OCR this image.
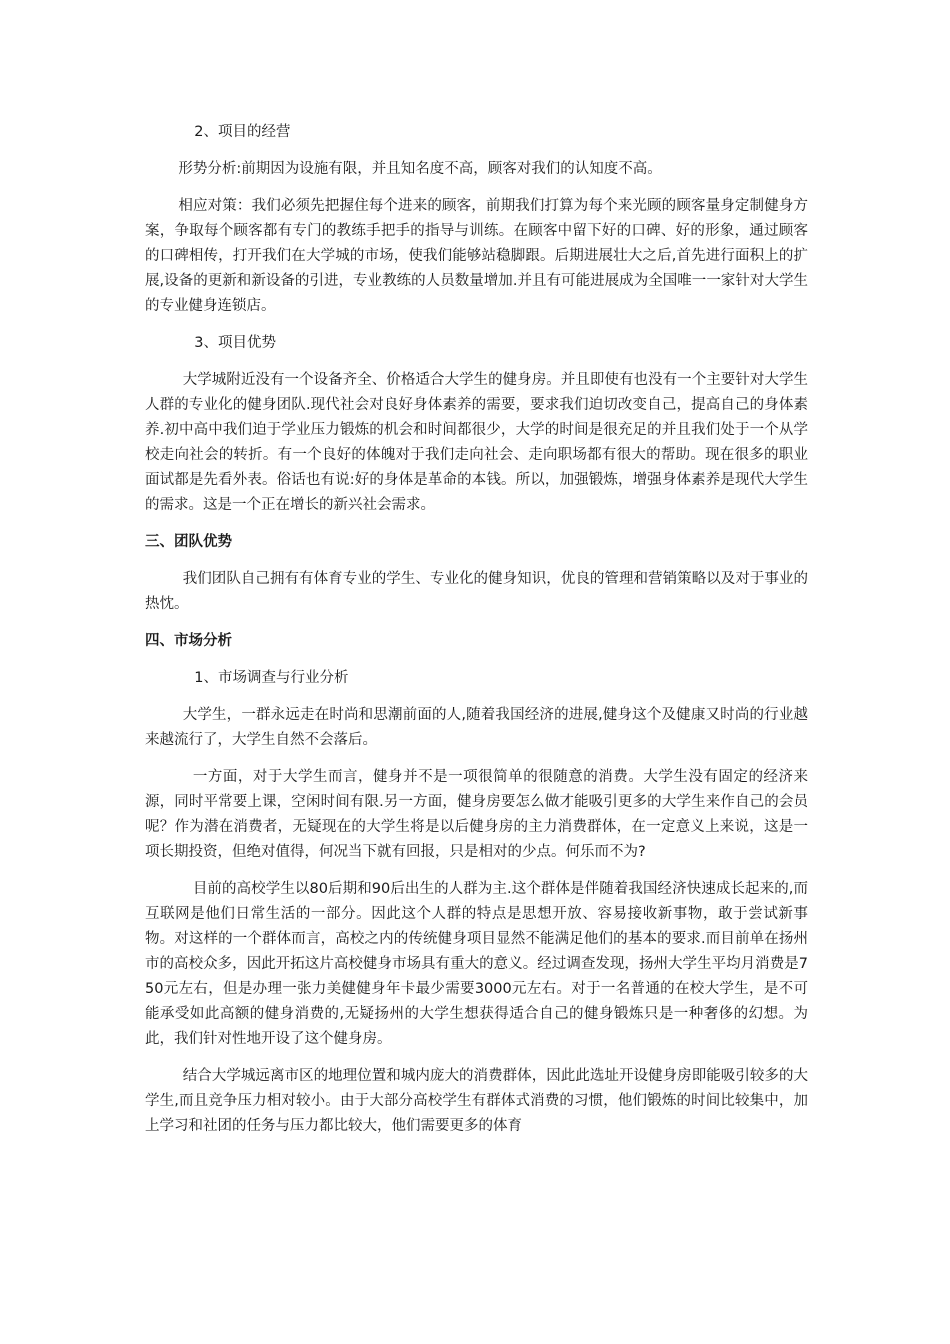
2、项目的经营

形势分析:前期因为设施有限，并且知名度不高，顾客对我们的认知度不高。

相应对策：我们必须先把握住每个进来的顾客，前期我们打算为每个来光顾的顾客量身定制健身方案，争取每个顾客都有专门的教练手把手的指导与训练。在顾客中留下好的口碑、好的形象，通过顾客的口碑相传，打开我们在大学城的市场，使我们能够站稳脚跟。后期进展壮大之后,首先进行面积上的扩展,设备的更新和新设备的引进，专业教练的人员数量增加.并且有可能进展成为全国唯一一家针对大学生的专业健身连锁店。

3、项目优势

大学城附近没有一个设备齐全、价格适合大学生的健身房。并且即使有也没有一个主要针对大学生人群的专业化的健身团队.现代社会对良好身体素养的需要，要求我们迫切改变自己，提高自己的身体素养.初中高中我们迫于学业压力锻炼的机会和时间都很少，大学的时间是很充足的并且我们处于一个从学校走向社会的转折。有一个良好的体魄对于我们走向社会、走向职场都有很大的帮助。现在很多的职业面试都是先看外表。俗话也有说:好的身体是革命的本钱。所以，加强锻炼，增强身体素养是现代大学生的需求。这是一个正在增长的新兴社会需求。

三、团队优势

我们团队自己拥有有体育专业的学生、专业化的健身知识，优良的管理和营销策略以及对于事业的热忱。

四、市场分析

1、市场调查与行业分析

大学生，一群永远走在时尚和思潮前面的人,随着我国经济的进展,健身这个及健康又时尚的行业越来越流行了，大学生自然不会落后。

一方面，对于大学生而言，健身并不是一项很简单的很随意的消费。大学生没有固定的经济来源，同时平常要上课，空闲时间有限.另一方面，健身房要怎么做才能吸引更多的大学生来作自己的会员呢？作为潜在消费者，无疑现在的大学生将是以后健身房的主力消费群体，在一定意义上来说，这是一项长期投资，但绝对值得，何况当下就有回报，只是相对的少点。何乐而不为?

目前的高校学生以80后期和90后出生的人群为主.这个群体是伴随着我国经济快速成长起来的,而互联网是他们日常生活的一部分。因此这个人群的特点是思想开放、容易接收新事物，敢于尝试新事物。对这样的一个群体而言，高校之内的传统健身项目显然不能满足他们的基本的要求.而目前单在扬州市的高校众多，因此开拓这片高校健身市场具有重大的意义。经过调查发现，扬州大学生平均月消费是750元左右，但是办理一张力美健健身年卡最少需要3000元左右。对于一名普通的在校大学生，是不可能承受如此高额的健身消费的,无疑扬州的大学生想获得适合自己的健身锻炼只是一种奢侈的幻想。为此，我们针对性地开设了这个健身房。

结合大学城远离市区的地理位置和城内庞大的消费群体，因此此选址开设健身房即能吸引较多的大学生,而且竞争压力相对较小。由于大部分高校学生有群体式消费的习惯，他们锻炼的时间比较集中，加上学习和社团的任务与压力都比较大，他们需要更多的体育
